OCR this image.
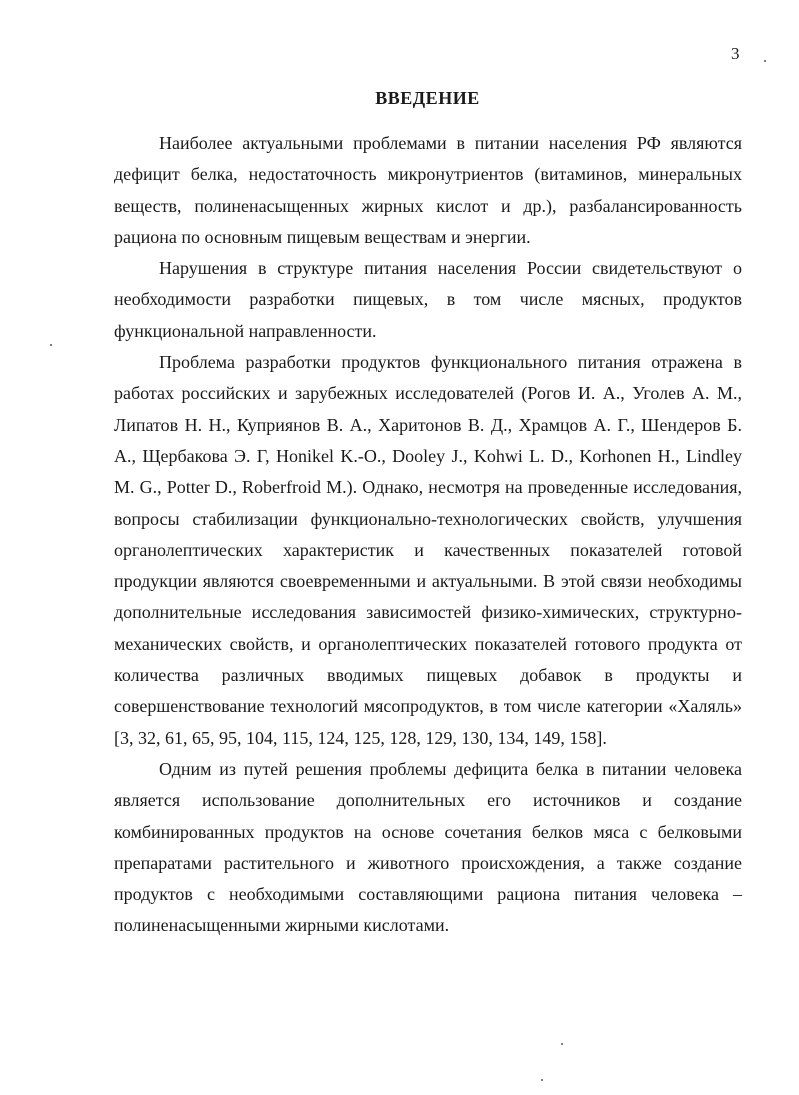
3
ВВЕДЕНИЕ

Наиболее актуальными проблемами в питании населения РФ являются дефицит белка, недостаточность микронутриентов (витаминов, минеральных веществ, полиненасыщенных жирных кислот и др.), разбалансированность рациона по основным пищевым веществам и энергии.

Нарушения в структуре питания населения России свидетельствуют о необходимости разработки пищевых, в том числе мясных, продуктов функциональной направленности.

Проблема разработки продуктов функционального питания отражена в работах российских и зарубежных исследователей (Рогов И. А., Уголев А. М., Липатов Н. Н., Куприянов В. А., Харитонов В. Д., Храмцов А. Г., Шендеров Б. А., Щербакова Э. Г, Honikel K.-O., Dooley J., Kohwi L. D., Korhonen H., Lindley M. G., Potter D., Roberfroid M.). Однако, несмотря на проведенные исследования, вопросы стабилизации функционально-технологических свойств, улучшения органолептических характеристик и качественных показателей готовой продукции являются своевременными и актуальными. В этой связи необходимы дополнительные исследования зависимостей физико-химических, структурно-механических свойств, и органолептических показателей готового продукта от количества различных вводимых пищевых добавок в продукты и совершенствование технологий мясопродуктов, в том числе категории «Халяль» [3, 32, 61, 65, 95, 104, 115, 124, 125, 128, 129, 130, 134, 149, 158].

Одним из путей решения проблемы дефицита белка в питании человека является использование дополнительных его источников и создание комбинированных продуктов на основе сочетания белков мяса с белковыми препаратами растительного и животного происхождения, а также создание продуктов с необходимыми составляющими рациона питания человека – полиненасыщенными жирными кислотами.
